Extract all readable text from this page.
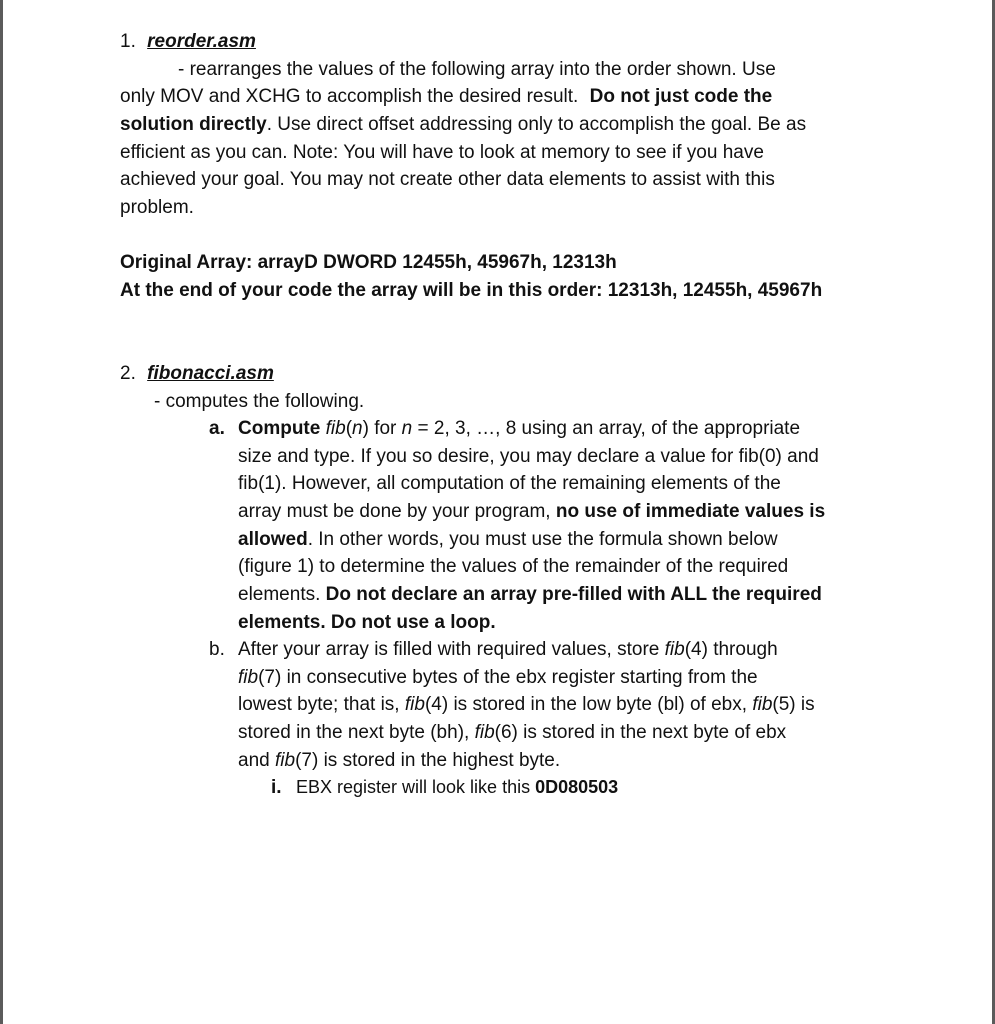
1. reorder.asm
- rearranges the values of the following array into the order shown. Use
only MOV and XCHG to accomplish the desired result. Do not just code the
solution directly. Use direct offset addressing only to accomplish the goal. Be as
efficient as you can. Note: You will have to look at memory to see if you have
achieved your goal. You may not create other data elements to assist with this
problem.
Original Array: arrayD DWORD 12455h, 45967h, 12313h
At the end of your code the array will be in this order: 12313h, 12455h, 45967h
2. fibonacci.asm
- computes the following.
a. Compute fib(n) for n = 2, 3, …, 8 using an array, of the appropriate
size and type. If you so desire, you may declare a value for fib(0) and
fib(1). However, all computation of the remaining elements of the
array must be done by your program, no use of immediate values is
allowed. In other words, you must use the formula shown below
(figure 1) to determine the values of the remainder of the required
elements. Do not declare an array pre-filled with ALL the required
elements. Do not use a loop.
b. After your array is filled with required values, store fib(4) through
fib(7) in consecutive bytes of the ebx register starting from the
lowest byte; that is, fib(4) is stored in the low byte (bl) of ebx, fib(5) is
stored in the next byte (bh), fib(6) is stored in the next byte of ebx
and fib(7) is stored in the highest byte.
i. EBX register will look like this 0D080503
